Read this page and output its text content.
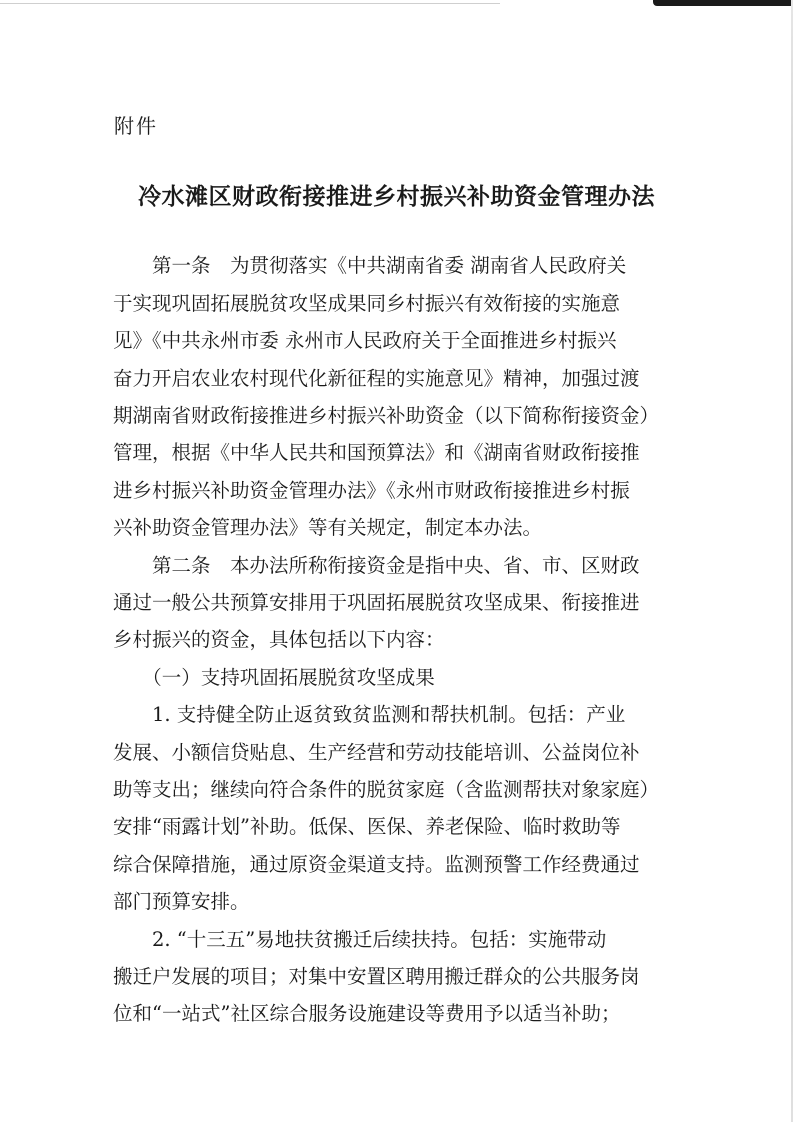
附件
冷水滩区财政衔接推进乡村振兴补助资金管理办法
　　第一条　为贯彻落实《中共湖南省委 湖南省人民政府关
于实现巩固拓展脱贫攻坚成果同乡村振兴有效衔接的实施意
见》《中共永州市委 永州市人民政府关于全面推进乡村振兴
奋力开启农业农村现代化新征程的实施意见》精神，加强过渡
期湖南省财政衔接推进乡村振兴补助资金（以下简称衔接资金）
管理，根据《中华人民共和国预算法》和《湖南省财政衔接推
进乡村振兴补助资金管理办法》《永州市财政衔接推进乡村振
兴补助资金管理办法》等有关规定，制定本办法。
　　第二条　本办法所称衔接资金是指中央、省、市、区财政
通过一般公共预算安排用于巩固拓展脱贫攻坚成果、衔接推进
乡村振兴的资金，具体包括以下内容：
　　（一）支持巩固拓展脱贫攻坚成果
　　1. 支持健全防止返贫致贫监测和帮扶机制。包括：产业
发展、小额信贷贴息、生产经营和劳动技能培训、公益岗位补
助等支出；继续向符合条件的脱贫家庭（含监测帮扶对象家庭）
安排“雨露计划”补助。低保、医保、养老保险、临时救助等
综合保障措施，通过原资金渠道支持。监测预警工作经费通过
部门预算安排。
　　2. “十三五”易地扶贫搬迁后续扶持。包括：实施带动
搬迁户发展的项目；对集中安置区聘用搬迁群众的公共服务岗
位和“一站式”社区综合服务设施建设等费用予以适当补助；
